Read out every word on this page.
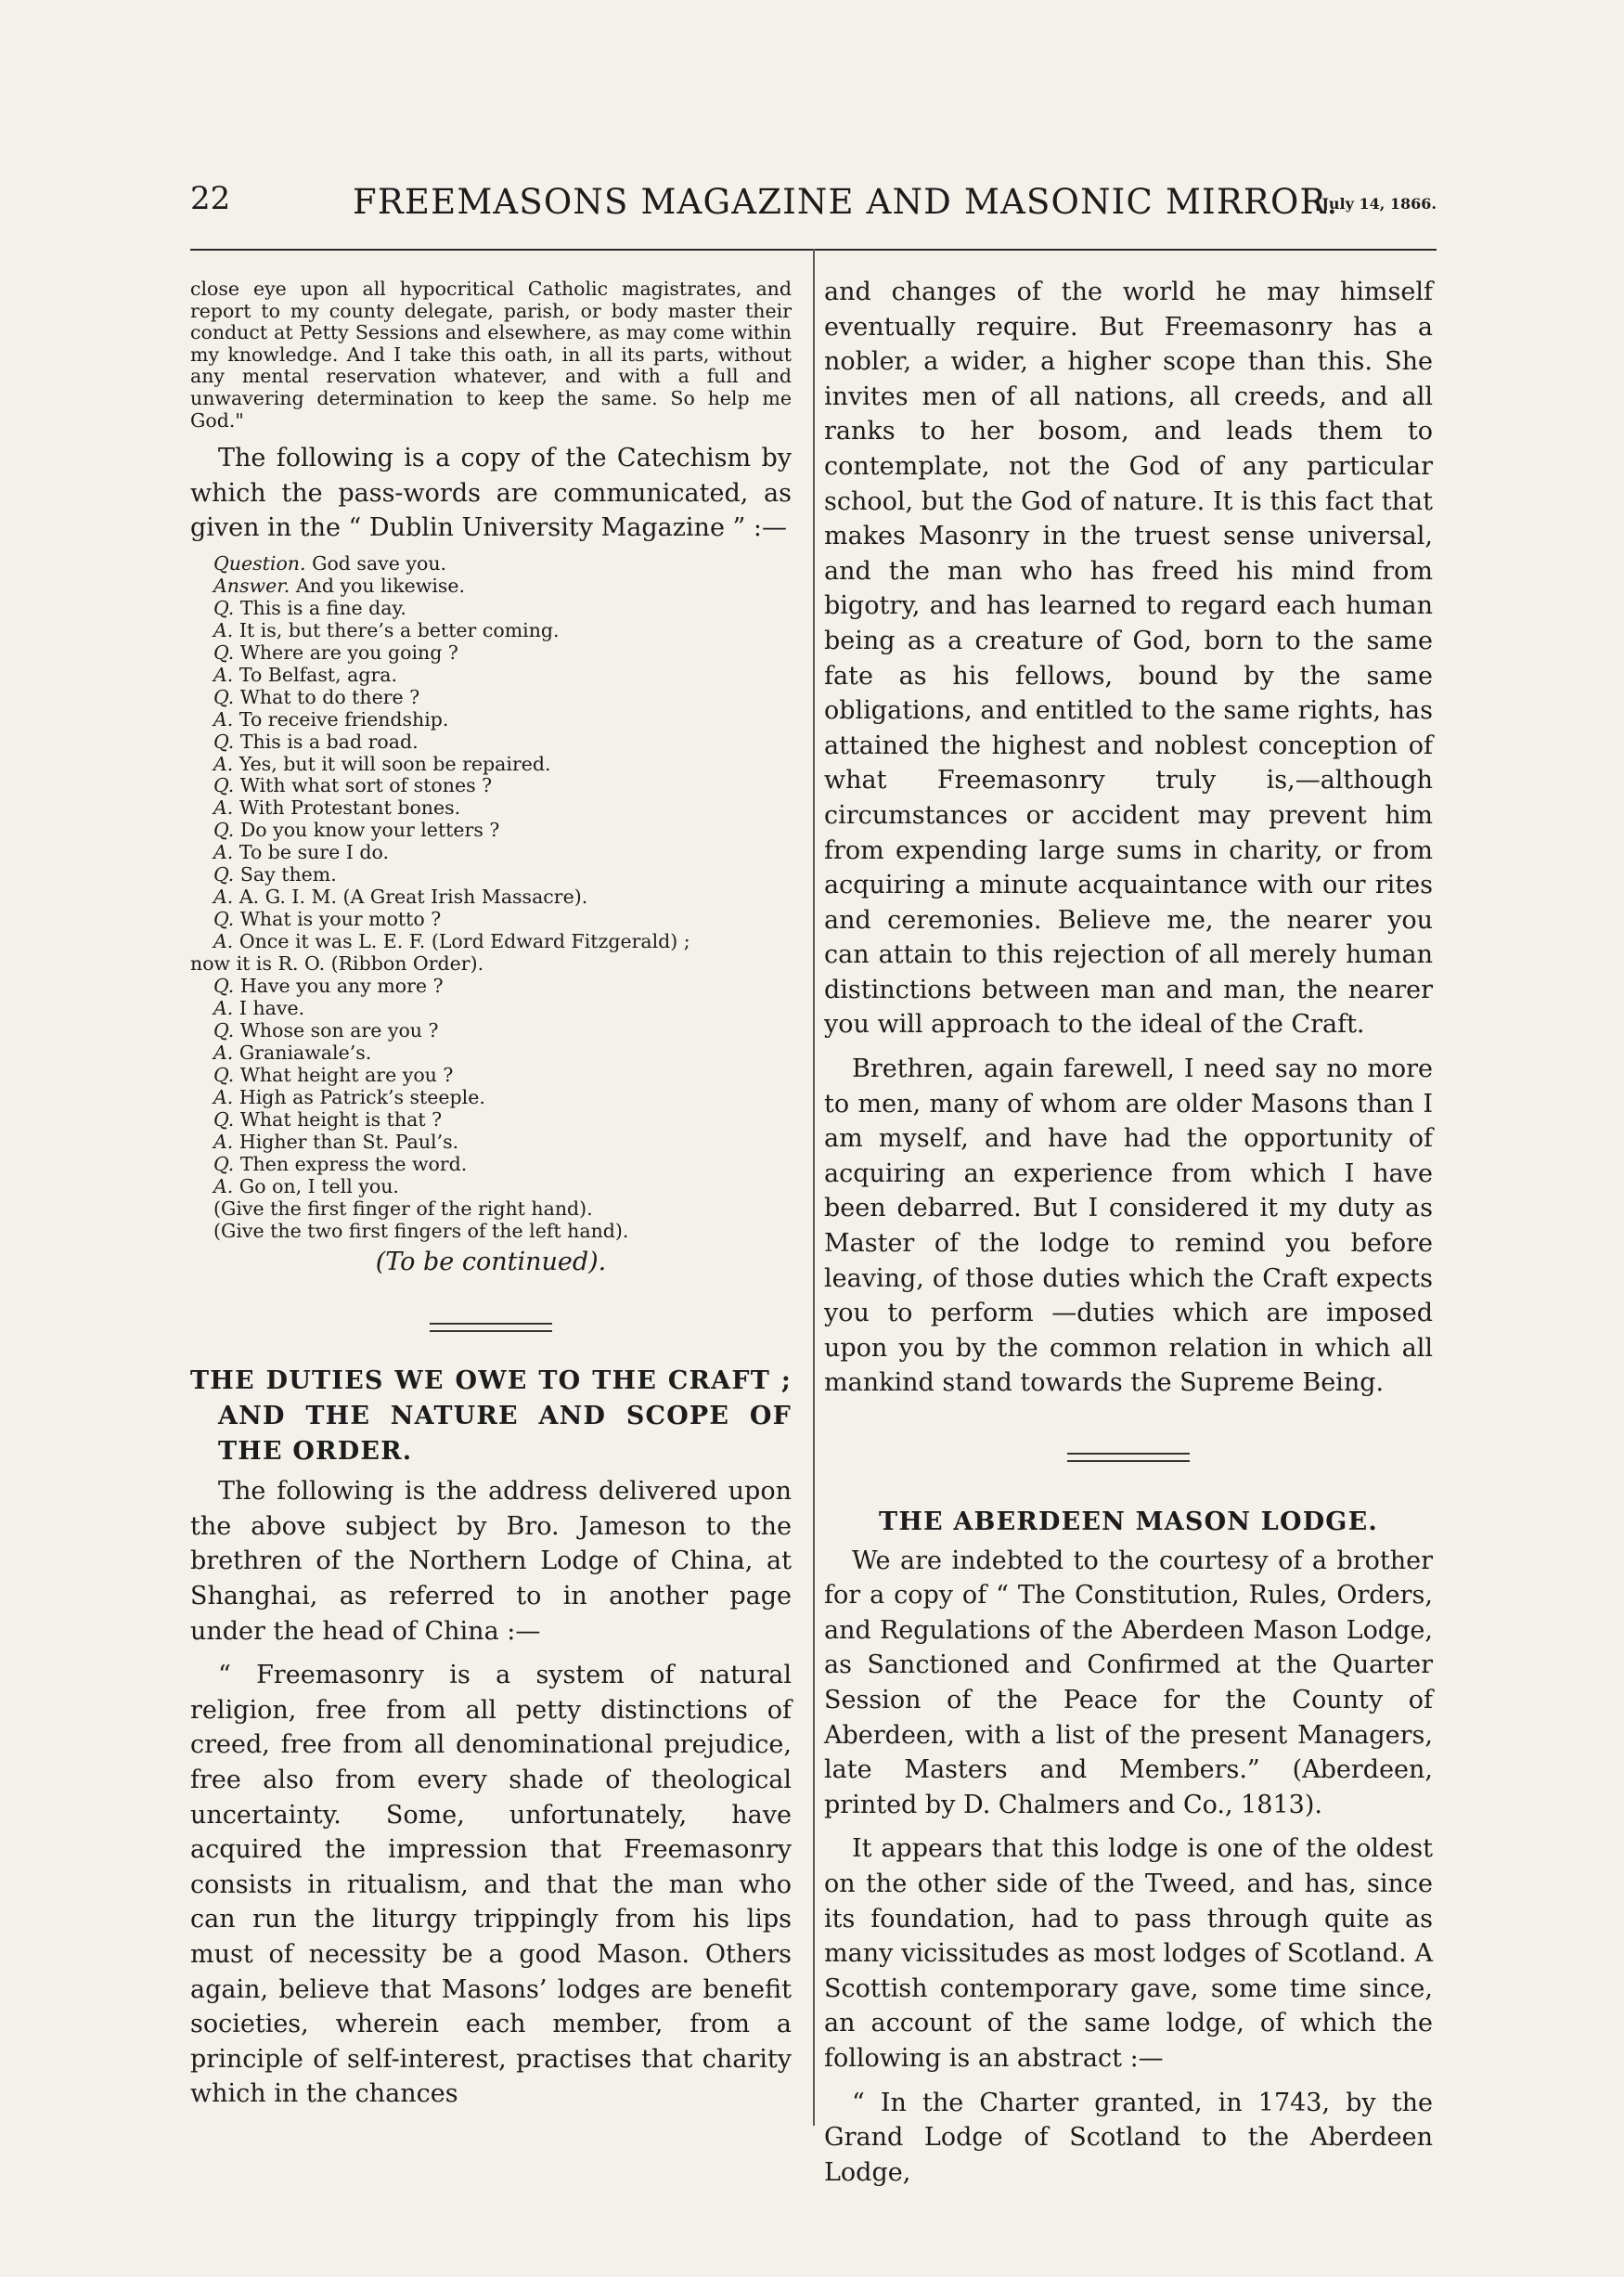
22	FREEMASONS MAGAZINE AND MASONIC MIRROR.
[July 14, 1866.

close eye upon all hypocritical Catholic magistrates, and report to my county delegate, parish, or body master their conduct at Petty Sessions and elsewhere, as may come within my knowledge. And I take this oath, in all its parts, without any mental reservation whatever, and with a full and unwavering determination to keep the same. So help me God."

The following is a copy of the Catechism by which the pass-words are communicated, as given in the “ Dublin University Magazine ” :—

Question. God save you.
Answer. And you likewise.
Q. This is a fine day.
A. It is, but there’s a better coming.
Q. Where are you going ?
A. To Belfast, agra.
Q. What to do there ?
A. To receive friendship.
Q. This is a bad road.
A. Yes, but it will soon be repaired.
Q. With what sort of stones ?
A. With Protestant bones.
Q. Do you know your letters ?
A. To be sure I do.
Q. Say them.
A. A. G. I. M. (A Great Irish Massacre).
Q. What is your motto ?
A. Once it was L. E. F. (Lord Edward Fitzgerald) ;
now it is R. O. (Ribbon Order).
Q. Have you any more ?
A. I have.
Q. Whose son are you ?
A. Graniawale’s.
Q. What height are you ?
A. High as Patrick’s steeple.
Q. What height is that ?
A. Higher than St. Paul’s.
Q. Then express the word.
A. Go on, I tell you.
(Give the first finger of the right hand).
(Give the two first fingers of the left hand).

(To be continued).

THE DUTIES WE OWE TO THE CRAFT ; AND THE NATURE AND SCOPE OF THE ORDER.

The following is the address delivered upon the above subject by Bro. Jameson to the brethren of the Northern Lodge of China, at Shanghai, as referred to in another page under the head of China :—

“ Freemasonry is a system of natural religion, free from all petty distinctions of creed, free from all denominational prejudice, free also from every shade of theological uncertainty. Some, unfortunately, have acquired the impression that Freemasonry consists in ritualism, and that the man who can run the liturgy trippingly from his lips must of necessity be a good Mason. Others again, believe that Masons’ lodges are benefit societies, wherein each member, from a principle of self-interest, practises that charity which in the chances

and changes of the world he may himself eventually require. But Freemasonry has a nobler, a wider, a higher scope than this. She invites men of all nations, all creeds, and all ranks to her bosom, and leads them to contemplate, not the God of any particular school, but the God of nature. It is this fact that makes Masonry in the truest sense universal, and the man who has freed his mind from bigotry, and has learned to regard each human being as a creature of God, born to the same fate as his fellows, bound by the same obligations, and entitled to the same rights, has attained the highest and noblest conception of what Freemasonry truly is,—although circumstances or accident may prevent him from expending large sums in charity, or from acquiring a minute acquaintance with our rites and ceremonies. Believe me, the nearer you can attain to this rejection of all merely human distinctions between man and man, the nearer you will approach to the ideal of the Craft.

Brethren, again farewell, I need say no more to men, many of whom are older Masons than I am myself, and have had the opportunity of acquiring an experience from which I have been debarred. But I considered it my duty as Master of the lodge to remind you before leaving, of those duties which the Craft expects you to perform —duties which are imposed upon you by the common relation in which all mankind stand towards the Supreme Being.

THE ABERDEEN MASON LODGE.

We are indebted to the courtesy of a brother for a copy of “ The Constitution, Rules, Orders, and Regulations of the Aberdeen Mason Lodge, as Sanctioned and Confirmed at the Quarter Session of the Peace for the County of Aberdeen, with a list of the present Managers, late Masters and Members.” (Aberdeen, printed by D. Chalmers and Co., 1813).

It appears that this lodge is one of the oldest on the other side of the Tweed, and has, since its foundation, had to pass through quite as many vicissitudes as most lodges of Scotland. A Scottish contemporary gave, some time since, an account of the same lodge, of which the following is an abstract :—

“ In the Charter granted, in 1743, by the Grand Lodge of Scotland to the Aberdeen Lodge,
